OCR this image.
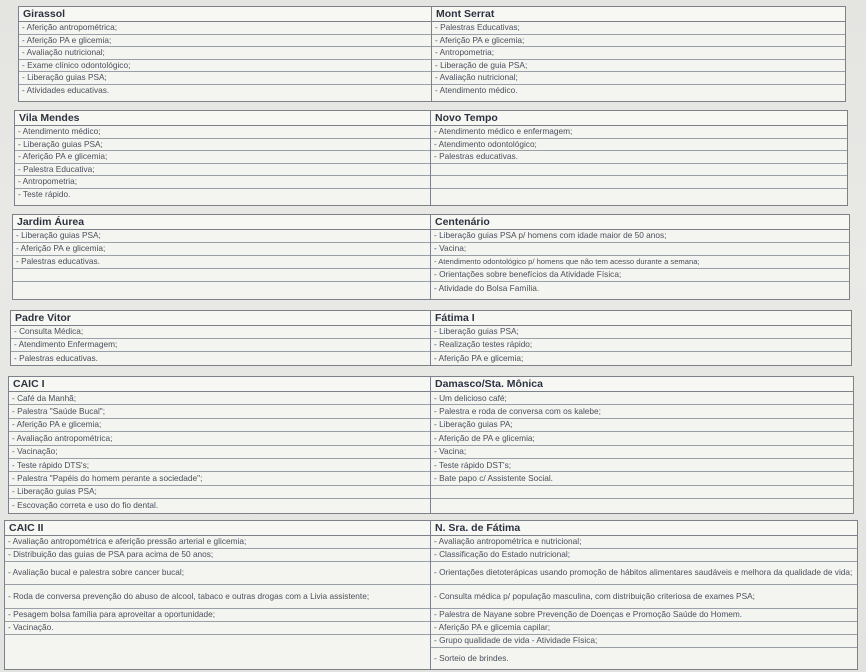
Girassol
- Aferição antropométrica;
- Aferição PA e glicemia;
- Avaliação nutricional;
- Exame clínico odontológico;
- Liberação guias PSA;
- Atividades educativas.
Mont Serrat
- Palestras Educativas;
- Aferição PA e glicemia;
- Antropometria;
- Liberação de guia PSA;
- Avaliação nutricional;
- Atendimento médico.
Vila Mendes
- Atendimento médico;
- Liberação guias PSA;
- Aferição PA e glicemia;
- Palestra Educativa;
- Antropometria;
- Teste rápido.
Novo Tempo
- Atendimento médico e enfermagem;
- Atendimento odontológico;
- Palestras educativas.
Jardim Áurea
- Liberação guias PSA;
- Aferição PA e glicemia;
- Palestras educativas.
Centenário
- Liberação guias PSA p/ homens com idade maior de 50 anos;
- Vacina;
- Atendimento odontológico p/ homens que não tem acesso durante a semana;
- Orientações sobre benefícios da Atividade Física;
- Atividade do Bolsa Família.
Padre Vitor
- Consulta Médica;
- Atendimento Enfermagem;
- Palestras educativas.
Fátima I
- Liberação guias PSA;
- Realização testes rápido;
- Aferição PA e glicemia;
CAIC I
- Café da Manhã;
- Palestra "Saúde Bucal";
- Aferição PA e glicemia;
- Avaliação antropométrica;
- Vacinação;
- Teste rápido DTS's;
- Palestra "Papéis do homem perante a sociedade";
- Liberação guias PSA;
- Escovação correta e uso do fio dental.
Damasco/Sta. Mônica
- Um delicioso café;
- Palestra e roda de conversa com os kalebe;
- Liberação guias PA;
- Aferição de PA e glicemia;
- Vacina;
- Teste rápido DST's;
- Bate papo c/ Assistente Social.
CAIC II
- Avaliação antropométrica e aferição pressão arterial e glicemia;
- Distribuição das guias de PSA para acima de 50 anos;
- Avaliação bucal e palestra sobre cancer bucal;
- Roda de conversa prevenção do abuso de alcool, tabaco e outras drogas com a Livia assistente;
- Pesagem bolsa família para aproveitar a oportunidade;
- Vacinação.
N. Sra. de Fátima
- Avaliação antropométrica e nutricional;
- Classificação do Estado nutricional;
- Orientações dietoterápicas usando promoção de hábitos alimentares saudáveis e melhora da qualidade de vida;
- Consulta médica p/ população masculina, com distribuição criteriosa de exames PSA;
- Palestra de Nayane sobre Prevenção de Doenças e Promoção Saúde do Homem.
- Aferição PA e glicemia capilar;
- Grupo qualidade de vida - Atividade Física;
- Sorteio de brindes.
